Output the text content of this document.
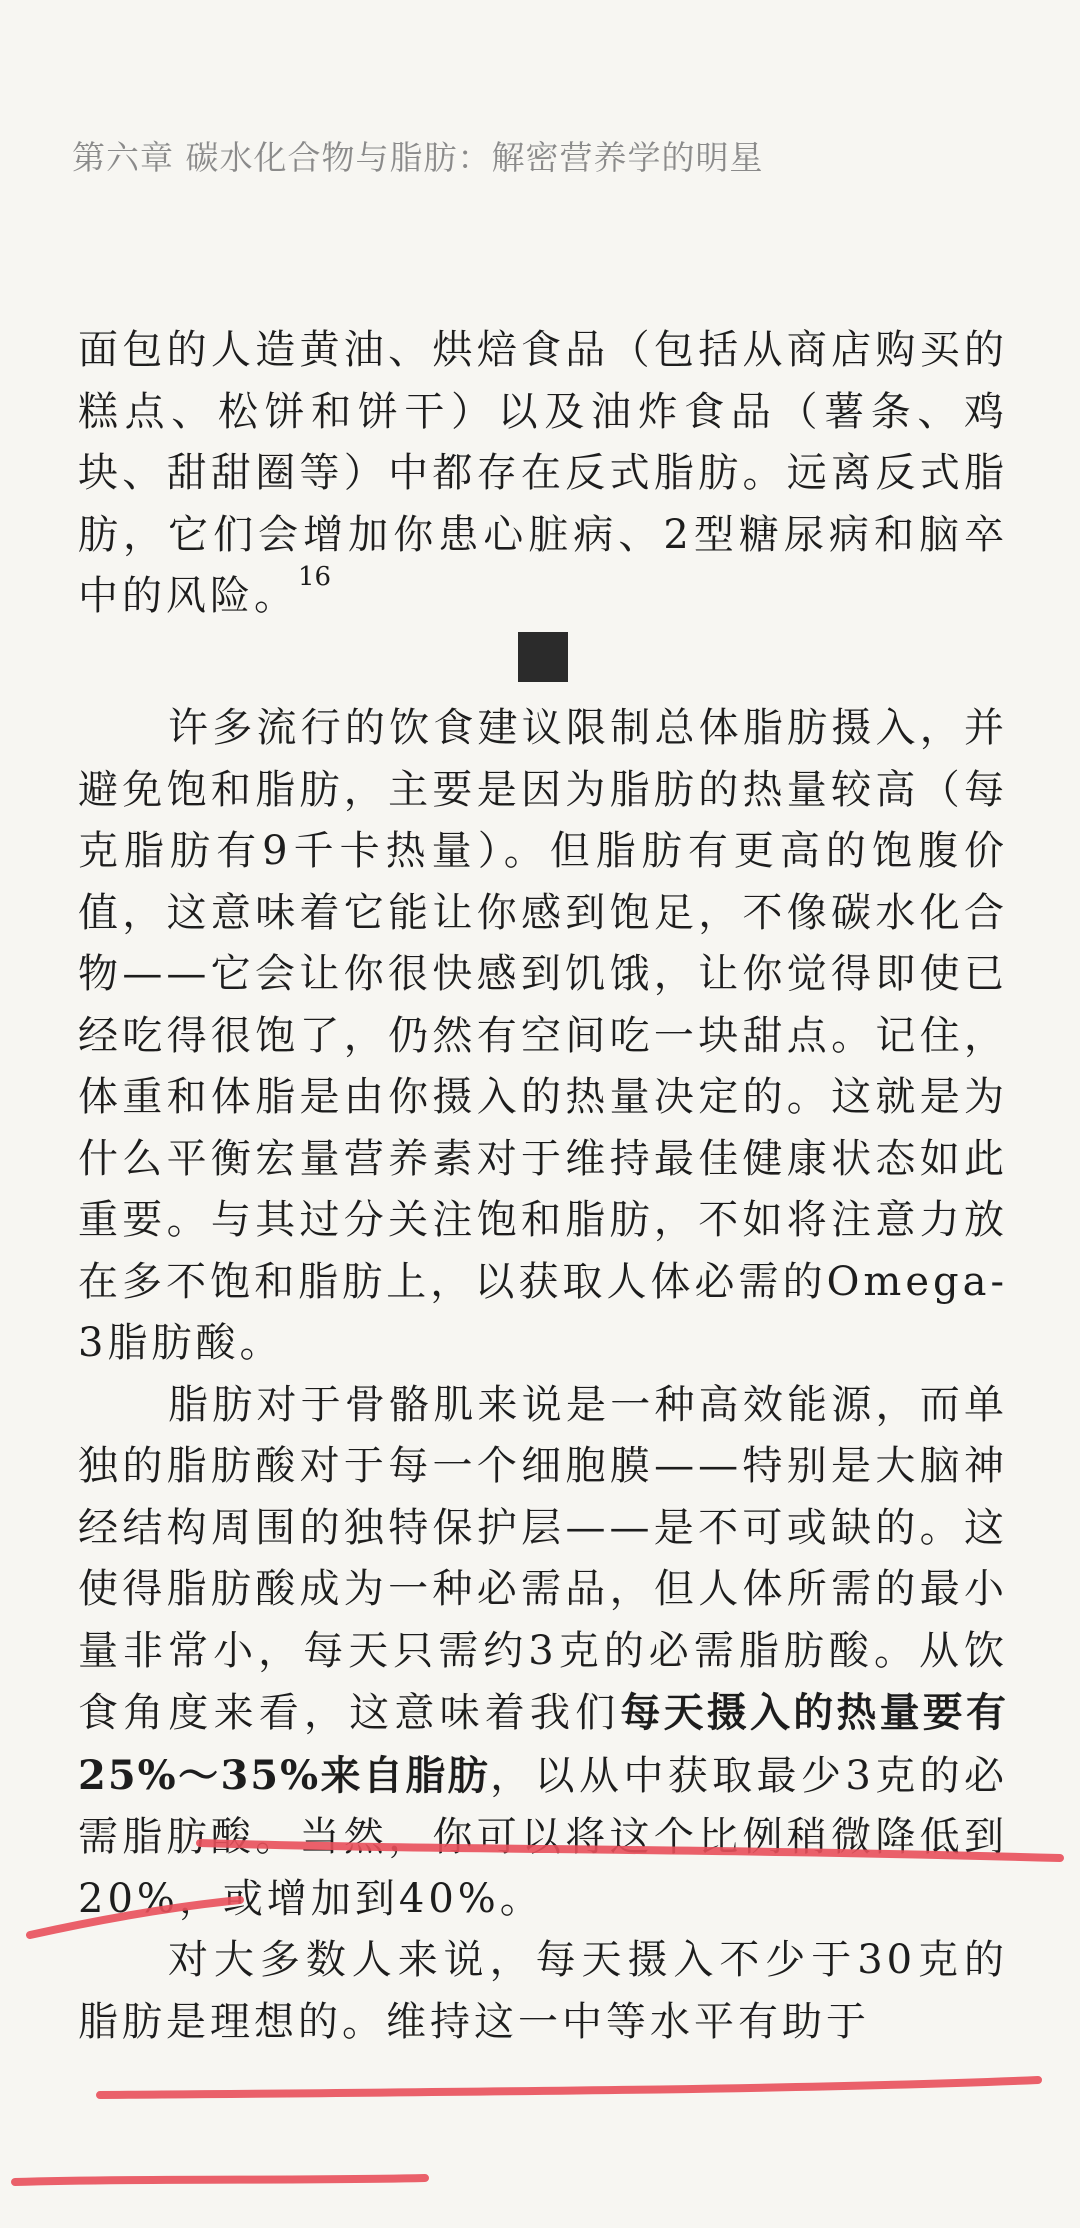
第六章 碳水化合物与脂肪：解密营养学的明星

面包的人造黄油、烘焙食品（包括从商店购买的糕点、松饼和饼干）以及油炸食品（薯条、鸡块、甜甜圈等）中都存在反式脂肪。远离反式脂肪，它们会增加你患心脏病、2型糖尿病和脑卒中的风险。$^{16}$

许多流行的饮食建议限制总体脂肪摄入，并避免饱和脂肪，主要是因为脂肪的热量较高（每克脂肪有9千卡热量）。但脂肪有更高的饱腹价值，这意味着它能让你感到饱足，不像碳水化合物——它会让你很快感到饥饿，让你觉得即使已经吃得很饱了，仍然有空间吃一块甜点。记住，体重和体脂是由你摄入的热量决定的。这就是为什么平衡宏量营养素对于维持最佳健康状态如此重要。与其过分关注饱和脂肪，不如将注意力放在多不饱和脂肪上，以获取人体必需的Omega-3脂肪酸。

脂肪对于骨骼肌来说是一种高效能源，而单独的脂肪酸对于每一个细胞膜——特别是大脑神经结构周围的独特保护层——是不可或缺的。这使得脂肪酸成为一种必需品，但人体所需的最小量非常小，每天只需约3克的必需脂肪酸。从饮食角度来看，这意味着我们每天摄入的热量要有25%～35%来自脂肪，以从中获取最少3克的必需脂肪酸。当然，你可以将这个比例稍微降低到20%，或增加到40%。

对大多数人来说，每天摄入不少于30克的脂肪是理想的。维持这一中等水平有助于
